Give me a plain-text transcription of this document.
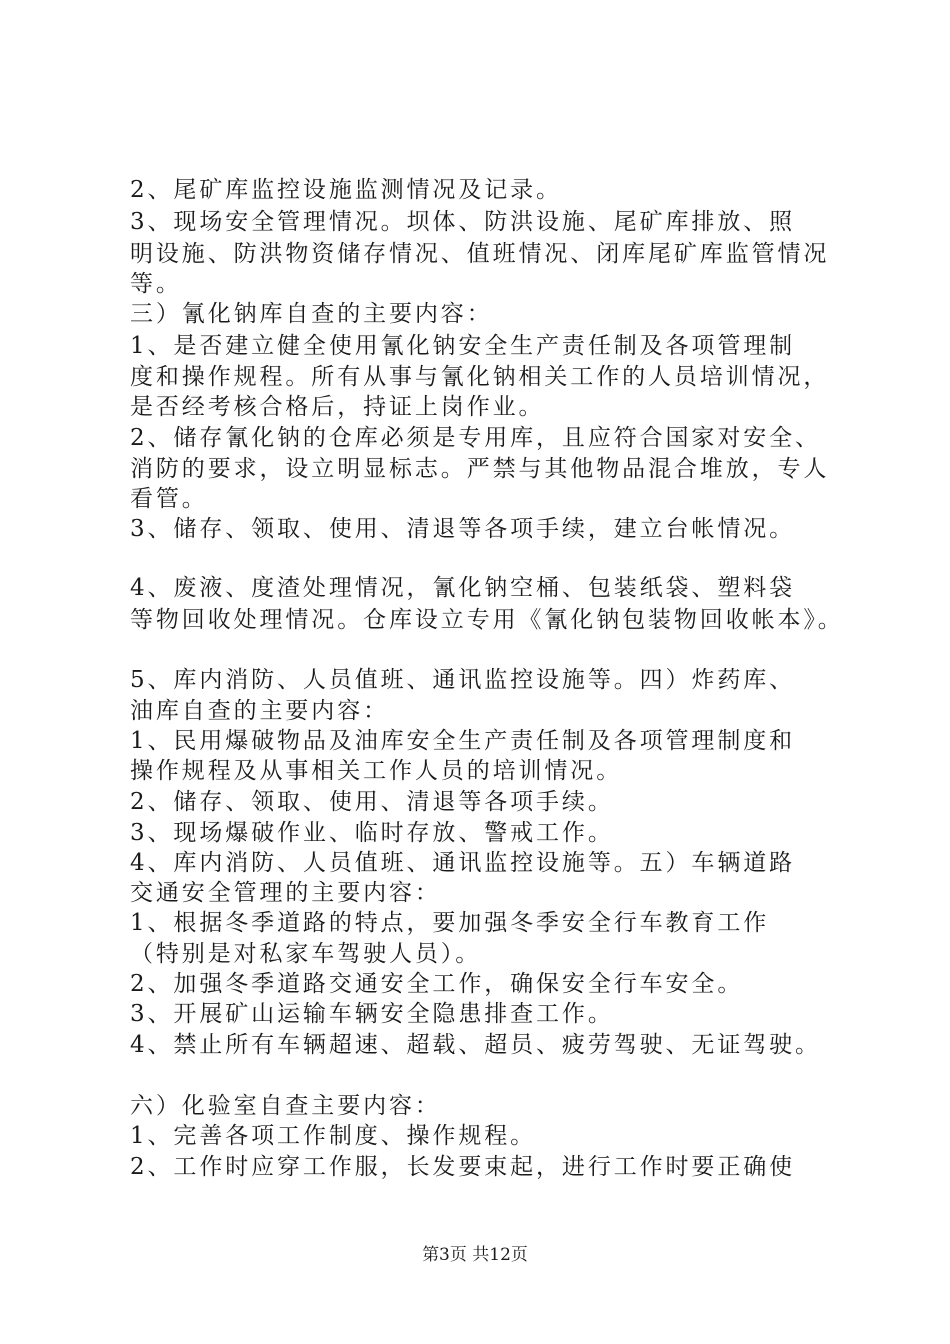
2、尾矿库监控设施监测情况及记录。
3、现场安全管理情况。坝体、防洪设施、尾矿库排放、照
明设施、防洪物资储存情况、值班情况、闭库尾矿库监管情况
等。
三）氰化钠库自查的主要内容：
1、是否建立健全使用氰化钠安全生产责任制及各项管理制
度和操作规程。所有从事与氰化钠相关工作的人员培训情况，
是否经考核合格后，持证上岗作业。
2、储存氰化钠的仓库必须是专用库，且应符合国家对安全、
消防的要求，设立明显标志。严禁与其他物品混合堆放，专人
看管。
3、储存、领取、使用、清退等各项手续，建立台帐情况。
4、废液、度渣处理情况，氰化钠空桶、包装纸袋、塑料袋
等物回收处理情况。仓库设立专用《氰化钠包装物回收帐本》。
5、库内消防、人员值班、通讯监控设施等。四）炸药库、
油库自查的主要内容：
1、民用爆破物品及油库安全生产责任制及各项管理制度和
操作规程及从事相关工作人员的培训情况。
2、储存、领取、使用、清退等各项手续。
3、现场爆破作业、临时存放、警戒工作。
4、库内消防、人员值班、通讯监控设施等。五）车辆道路
交通安全管理的主要内容：
1、根据冬季道路的特点，要加强冬季安全行车教育工作
（特别是对私家车驾驶人员）。
2、加强冬季道路交通安全工作，确保安全行车安全。
3、开展矿山运输车辆安全隐患排查工作。
4、禁止所有车辆超速、超载、超员、疲劳驾驶、无证驾驶。
六）化验室自查主要内容：
1、完善各项工作制度、操作规程。
2、工作时应穿工作服，长发要束起，进行工作时要正确使
第3页 共12页
